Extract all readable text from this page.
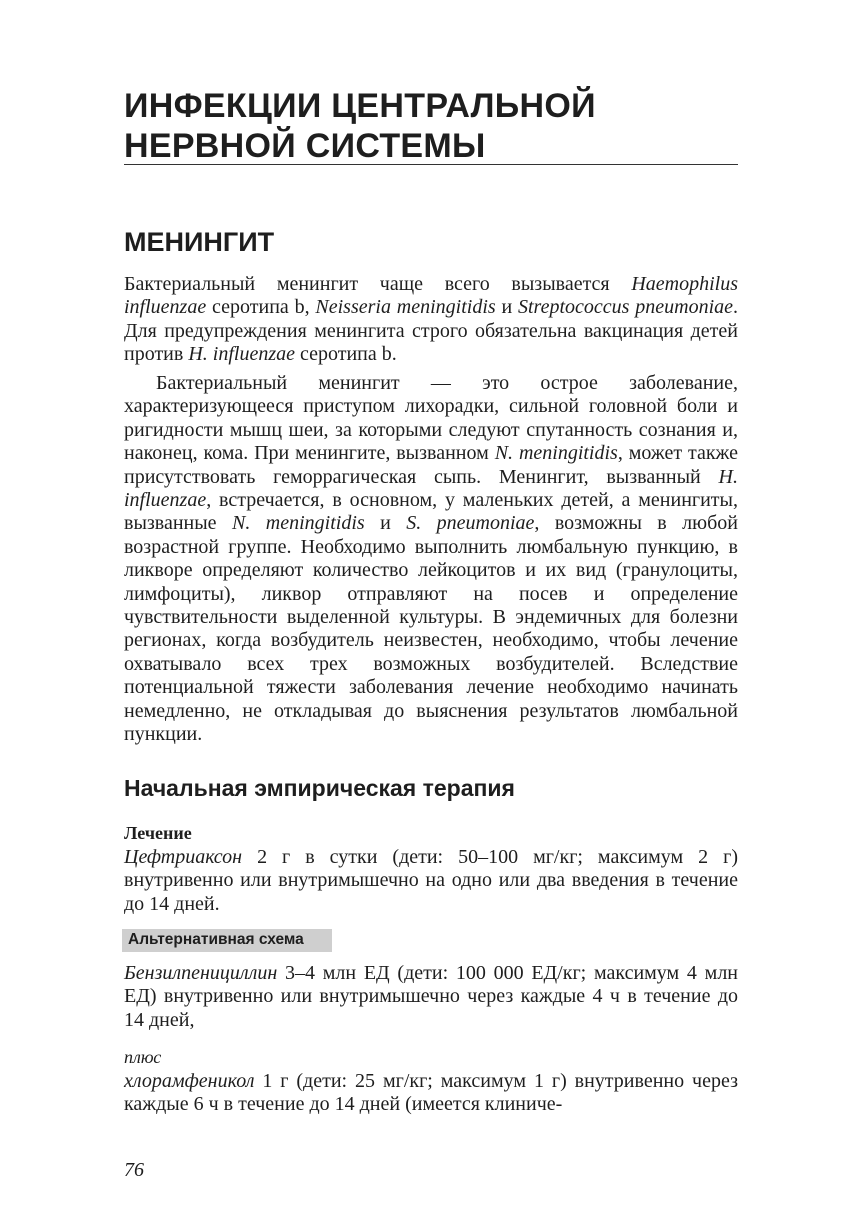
ИНФЕКЦИИ ЦЕНТРАЛЬНОЙ НЕРВНОЙ СИСТЕМЫ
МЕНИНГИТ

Бактериальный менингит чаще всего вызывается Haemophilus influenzae серотипа b, Neisseria meningitidis и Streptococcus pneumoniae. Для предупреждения менингита строго обязательна вакцинация детей против H. influenzae серотипа b.

Бактериальный менингит — это острое заболевание, характеризующееся приступом лихорадки, сильной головной боли и ригидности мышц шеи, за которыми следуют спутанность сознания и, наконец, кома. При менингите, вызванном N. meningitidis, может также присутствовать геморрагическая сыпь. Менингит, вызванный H. influenzae, встречается, в основном, у маленьких детей, а менингиты, вызванные N. meningitidis и S. pneumoniae, возможны в любой возрастной группе. Необходимо выполнить люмбальную пункцию, в ликворе определяют количество лейкоцитов и их вид (гранулоциты, лимфоциты), ликвор отправляют на посев и определение чувствительности выделенной культуры. В эндемичных для болезни регионах, когда возбудитель неизвестен, необходимо, чтобы лечение охватывало всех трех возможных возбудителей. Вследствие потенциальной тяжести заболевания лечение необходимо начинать немедленно, не откладывая до выяснения результатов люмбальной пункции.

Начальная эмпирическая терапия
Лечение

Цефтриаксон 2 г в сутки (дети: 50–100 мг/кг; максимум 2 г) внутривенно или внутримышечно на одно или два введения в течение до 14 дней.

Альтернативная схема

Бензилпенициллин 3–4 млн ЕД (дети: 100 000 ЕД/кг; максимум 4 млн ЕД) внутривенно или внутримышечно через каждые 4 ч в течение до 14 дней,

плюс

хлорамфеникол 1 г (дети: 25 мг/кг; максимум 1 г) внутривенно через каждые 6 ч в течение до 14 дней (имеется клиниче-

76
